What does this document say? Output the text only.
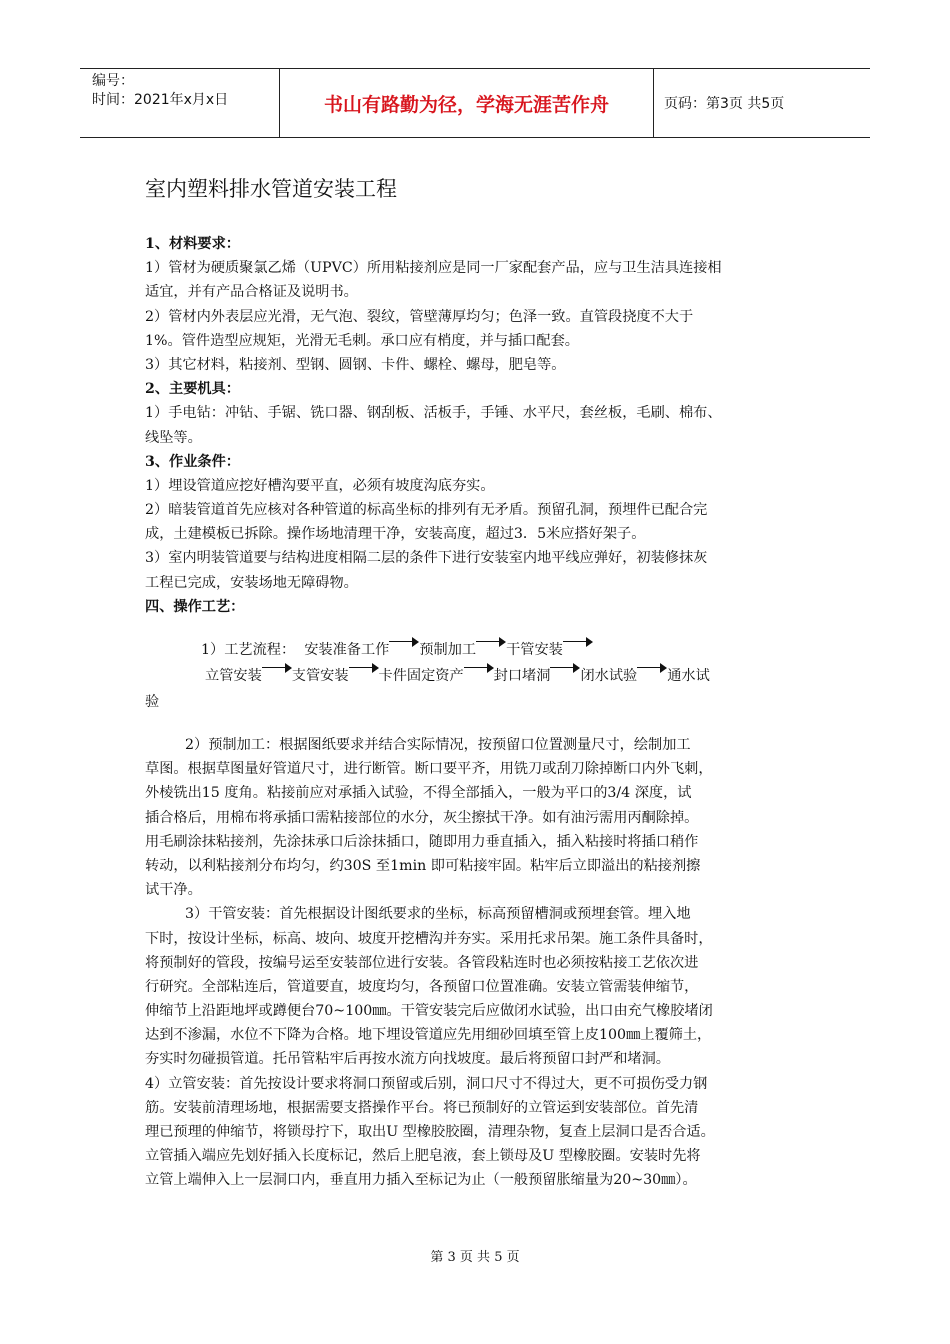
编号：
时间：2021年x月x日	书山有路勤为径，学海无涯苦作舟	页码：第3页 共5页
室内塑料排水管道安装工程
1、材料要求：
1）管材为硬质聚氯乙烯（UPVC）所用粘接剂应是同一厂家配套产品，应与卫生洁具连接相
适宜，并有产品合格证及说明书。
2）管材内外表层应光滑，无气泡、裂纹，管壁薄厚均匀；色泽一致。直管段挠度不大于
1%。管件造型应规矩，光滑无毛刺。承口应有梢度，并与插口配套。
3）其它材料，粘接剂、型钢、圆钢、卡件、螺栓、螺母，肥皂等。
2、主要机具：
1）手电钻：冲钻、手锯、铣口器、钢刮板、活板手，手锤、水平尺，套丝板，毛刷、棉布、
线坠等。
3、作业条件：
1）埋设管道应挖好槽沟要平直，必须有坡度沟底夯实。
2）暗装管道首先应核对各种管道的标高坐标的排列有无矛盾。预留孔洞，预埋件已配合完
成，土建模板已拆除。操作场地清理干净，安装高度，超过3．5米应搭好架子。
3）室内明装管道要与结构进度相隔二层的条件下进行安装室内地平线应弹好，初装修抹灰
工程已完成，安装场地无障碍物。
四、操作工艺：
1）工艺流程： 安装准备工作 预制加工 干管安装
立管安装 支管安装 卡件固定资产 封口堵洞 闭水试验 通水试
验
2）预制加工：根据图纸要求并结合实际情况，按预留口位置测量尺寸，绘制加工
草图。根据草图量好管道尺寸，进行断管。断口要平齐，用铣刀或刮刀除掉断口内外飞刺，
外棱铣出15 度角。粘接前应对承插入试验，不得全部插入，一般为平口的3/4 深度，试
插合格后，用棉布将承插口需粘接部位的水分，灰尘擦拭干净。如有油污需用丙酮除掉。
用毛刷涂抹粘接剂，先涂抹承口后涂抹插口，随即用力垂直插入，插入粘接时将插口稍作
转动，以利粘接剂分布均匀，约30S 至1min 即可粘接牢固。粘牢后立即溢出的粘接剂擦
试干净。
3）干管安装：首先根据设计图纸要求的坐标，标高预留槽洞或预埋套管。埋入地
下时，按设计坐标，标高、坡向、坡度开挖槽沟并夯实。采用托求吊架。施工条件具备时，
将预制好的管段，按编号运至安装部位进行安装。各管段粘连时也必须按粘接工艺依次进
行研究。全部粘连后，管道要直，坡度均匀，各预留口位置准确。安装立管需装伸缩节，
伸缩节上沿距地坪或蹲便台70~100㎜。干管安装完后应做闭水试验，出口由充气橡胶堵闭
达到不渗漏，水位不下降为合格。地下埋设管道应先用细砂回填至管上皮100㎜上覆筛土，
夯实时勿碰损管道。托吊管粘牢后再按水流方向找坡度。最后将预留口封严和堵洞。
4）立管安装：首先按设计要求将洞口预留或后别，洞口尺寸不得过大，更不可损伤受力钢
筋。安装前清理场地，根据需要支搭操作平台。将已预制好的立管运到安装部位。首先清
理已预理的伸缩节，将锁母拧下，取出U 型橡胶胶圈，清理杂物，复查上层洞口是否合适。
立管插入端应先划好插入长度标记，然后上肥皂液，套上锁母及U 型橡胶圈。安装时先将
立管上端伸入上一层洞口内，垂直用力插入至标记为止（一般预留胀缩量为20~30㎜）。
第 3 页 共 5 页
